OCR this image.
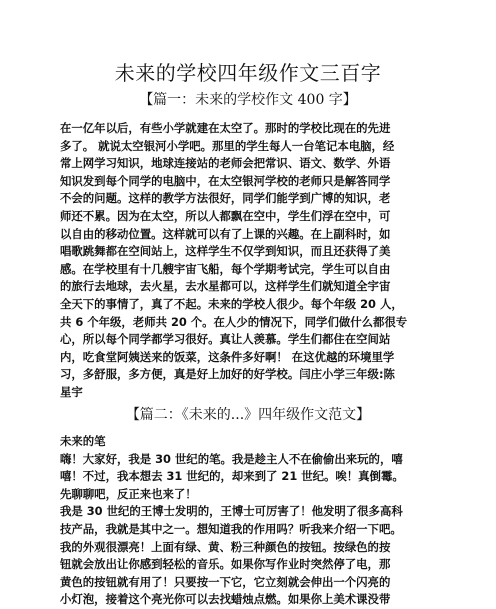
未来的学校四年级作文三百字
【篇一：未来的学校作文 400 字】
在一亿年以后，有些小学就建在太空了。那时的学校比现在的先进
多了。 就说太空银河小学吧。那里的学生每人一台笔记本电脑，经
常上网学习知识，地球连接站的老师会把常识、语文、数学、外语
知识发到每个同学的电脑中，在太空银河学校的老师只是解答同学
不会的问题。这样的教学方法很好，同学们能学到广博的知识，老
师还不累。因为在太空，所以人都飘在空中，学生们浮在空中，可
以自由的移动位置。这样就可以有了上课的兴趣。在上副科时，如
唱歌跳舞都在空间站上，这样学生不仅学到知识，而且还获得了美
感。在学校里有十几艘宇宙飞船，每个学期考试完，学生可以自由
的旅行去地球，去火星，去水星都可以，这样学生们就知道全宇宙
全天下的事情了，真了不起。未来的学校人很少。每个年级 20 人，
共 6 个年级，老师共 20 个。在人少的情况下，同学们做什么都很专
心，所以每个同学都学习很好。真让人羡慕。学生们都住在空间站
内，吃食堂阿姨送来的饭菜，这条件多好啊！ 在这优越的环境里学
习，多舒服，多方便，真是好上加好的好学校。闫庄小学三年级:陈
星宇
【篇二：《未来的...》四年级作文范文】
未来的笔
嗨！大家好，我是 30 世纪的笔。我是趁主人不在偷偷出来玩的，嘻
嘻！不过，我本想去 31 世纪的，却来到了 21 世纪。唉！真倒霉。
先聊聊吧，反正来也来了！
我是 30 世纪的王博士发明的，王博士可厉害了！他发明了很多高科
技产品，我就是其中之一。想知道我的作用吗？听我来介绍一下吧。
我的外观很漂亮！上面有绿、黄、粉三种颜色的按钮。按绿色的按
钮就会放出让你感到轻松的音乐。如果你写作业时突然停了电，那
黄色的按钮就有用了！只要按一下它，它立刻就会伸出一个闪亮的
小灯泡，接着这个亮光你可以去找蜡烛点燃。如果你上美术课没带
